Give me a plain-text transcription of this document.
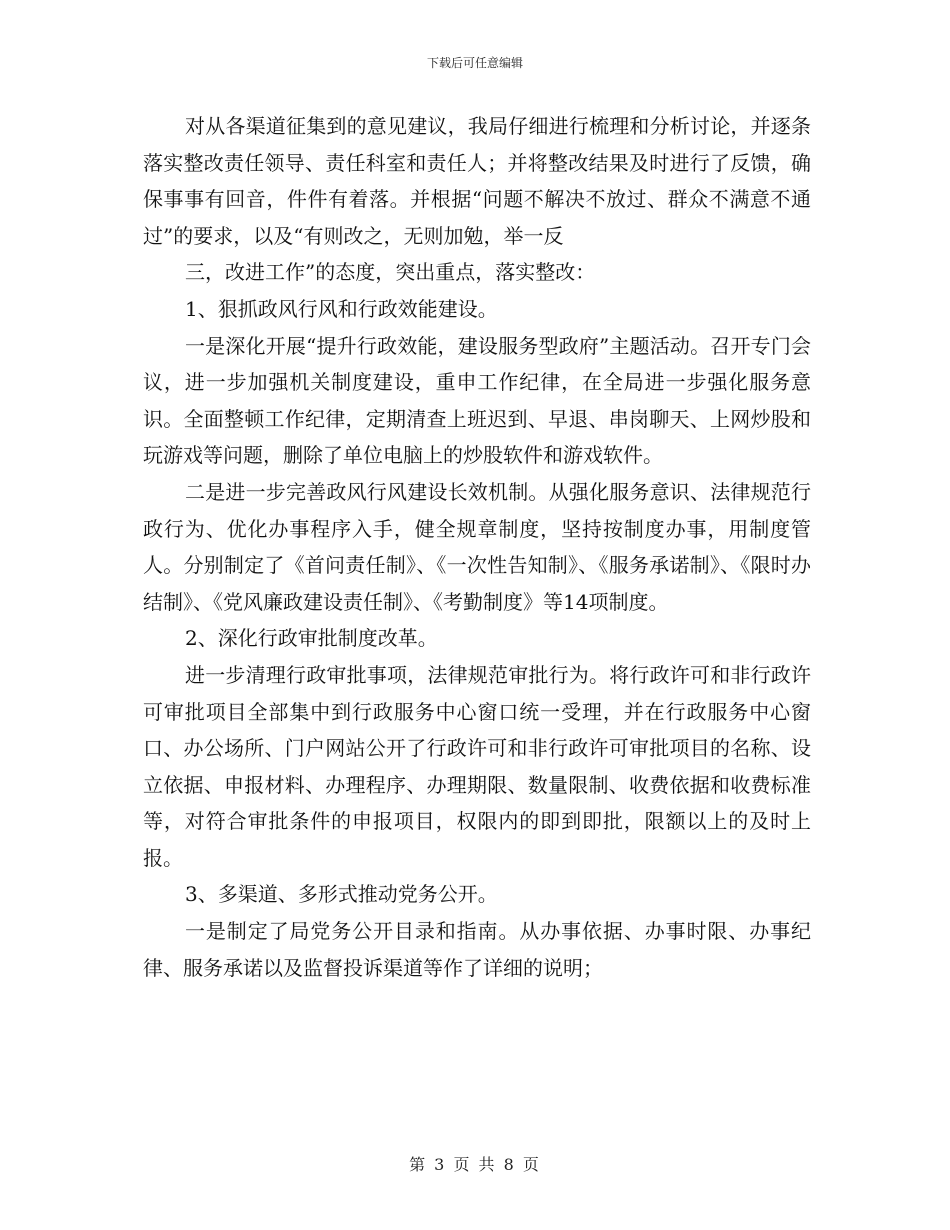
下载后可任意编辑

对从各渠道征集到的意见建议，我局仔细进行梳理和分析讨论，并逐条落实整改责任领导、责任科室和责任人；并将整改结果及时进行了反馈，确保事事有回音，件件有着落。并根据“问题不解决不放过、群众不满意不通过”的要求，以及“有则改之，无则加勉，举一反

三，改进工作”的态度，突出重点，落实整改：

1、狠抓政风行风和行政效能建设。

一是深化开展“提升行政效能，建设服务型政府”主题活动。召开专门会议，进一步加强机关制度建设，重申工作纪律，在全局进一步强化服务意识。全面整顿工作纪律，定期清查上班迟到、早退、串岗聊天、上网炒股和玩游戏等问题，删除了单位电脑上的炒股软件和游戏软件。

二是进一步完善政风行风建设长效机制。从强化服务意识、法律规范行政行为、优化办事程序入手，健全规章制度，坚持按制度办事，用制度管人。分别制定了《首问责任制》、《一次性告知制》、《服务承诺制》、《限时办结制》、《党风廉政建设责任制》、《考勤制度》等14项制度。

2、深化行政审批制度改革。

进一步清理行政审批事项，法律规范审批行为。将行政许可和非行政许可审批项目全部集中到行政服务中心窗口统一受理，并在行政服务中心窗口、办公场所、门户网站公开了行政许可和非行政许可审批项目的名称、设立依据、申报材料、办理程序、办理期限、数量限制、收费依据和收费标准等，对符合审批条件的申报项目，权限内的即到即批，限额以上的及时上报。

3、多渠道、多形式推动党务公开。

一是制定了局党务公开目录和指南。从办事依据、办事时限、办事纪律、服务承诺以及监督投诉渠道等作了详细的说明；

第 3 页 共 8 页
